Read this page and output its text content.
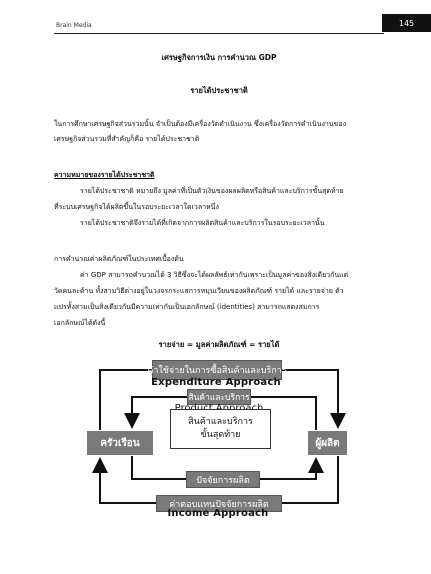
Brain Media	145
เศรษฐกิจการเงิน การคำนวณ GDP
รายได้ประชาชาติ
ในการศึกษาเศรษฐกิจส่วนรวมนั้น จำเป็นต้องมีเครื่องวัดดำเนินงาน ซึ่งเครื่องวัดการดำเนินงานของ
เศรษฐกิจส่วนรวมที่สำคัญก็คือ รายได้ประชาชาติ
ความหมายของรายได้ประชาชาติ
รายได้ประชาชาติ หมายถึง มูลค่าที่เป็นตัวเงินของผลผลิตหรือสินค้าและบริการขั้นสุดท้าย
ที่ระบบเศรษฐกิจได้ผลิตขึ้นในรอบระยะเวลาใดเวลาหนึ่ง
รายได้ประชาชาติจึงรายได้ที่เกิดจากการผลิตสินค้าและบริการในรอบระยะเวลานั้น
การคำนวณค่าผลิตภัณฑ์ในประเทศเบื้องต้น
ค่า GDP สามารถคำนวณได้ 3 วิธีซึ่งจะได้ผลลัพธ์เท่ากันเพราะเป็นมูลค่าของสิ่งเดียวกันแต่
วัดคนละด้าน ทั้งสามวิธีต่างอยู่ในวงจรกระแสการหมุนเวียนของผลิตภัณฑ์ รายได้ และรายจ่าย ตัว
แปรทั้งสามเป็นสิ่งเดียวกันมีความเท่ากันเป็นเอกลักษณ์ (identities) สามารถแสดงสมการ
เอกลักษณ์ได้ดังนี้
รายจ่าย = มูลค่าผลิตภัณฑ์ = รายได้
ค่าใช้จ่ายในการซื้อสินค้าและบริการ
Expenditure Approach
สินค้าและบริการ
สินค้าและบริการ
ขั้นสุดท้าย
ครัวเรือน	ผู้ผลิต
ปัจจัยการผลิต
ค่าตอบแทนปัจจัยการผลิต
Income Approach
